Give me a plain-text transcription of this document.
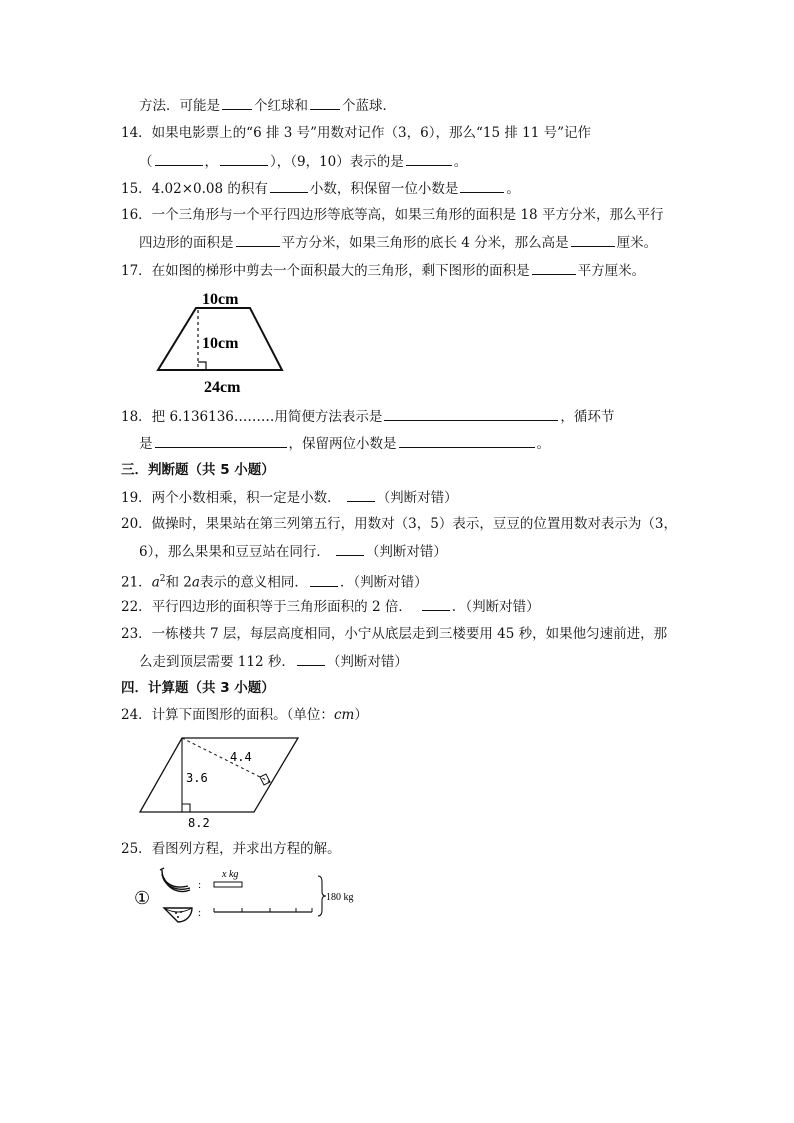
方法．可能是	个红球和	个蓝球．
14．如果电影票上的“6 排 3 号”用数对记作（3，6），那么“15 排 11 号”记作
（	，	），（9，10）表示的是	。
15．4.02×0.08 的积有	小数，积保留一位小数是	。
16．一个三角形与一个平行四边形等底等高，如果三角形的面积是 18 平方分米，那么平行
四边形的面积是	平方分米，如果三角形的底长 4 分米，那么高是	厘米。
17．在如图的梯形中剪去一个面积最大的三角形，剩下图形的面积是	平方厘米。
10cm
10cm
24cm
18．把 6.136136………用简便方法表示是	，循环节
是	，保留两位小数是	。
三．判断题（共 5 小题）
19．两个小数相乘，积一定是小数．	（判断对错）
20．做操时，果果站在第三列第五行，用数对（3，5）表示，豆豆的位置用数对表示为（3，
6），那么果果和豆豆站在同行．	（判断对错）
21．$a^2$和 2a表示的意义相同． ．（判断对错）
22．平行四边形的面积等于三角形面积的 2 倍．	．（判断对错）
23．一栋楼共 7 层，每层高度相同，小宁从底层走到三楼要用 45 秒，如果他匀速前进，那
么走到顶层需要 112 秒． （判断对错）
四．计算题（共 3 小题）
24．计算下面图形的面积。（单位：cm）
4.4
3.6
8.2
25．看图列方程，并求出方程的解。
①
:
:
x kg
180 kg
